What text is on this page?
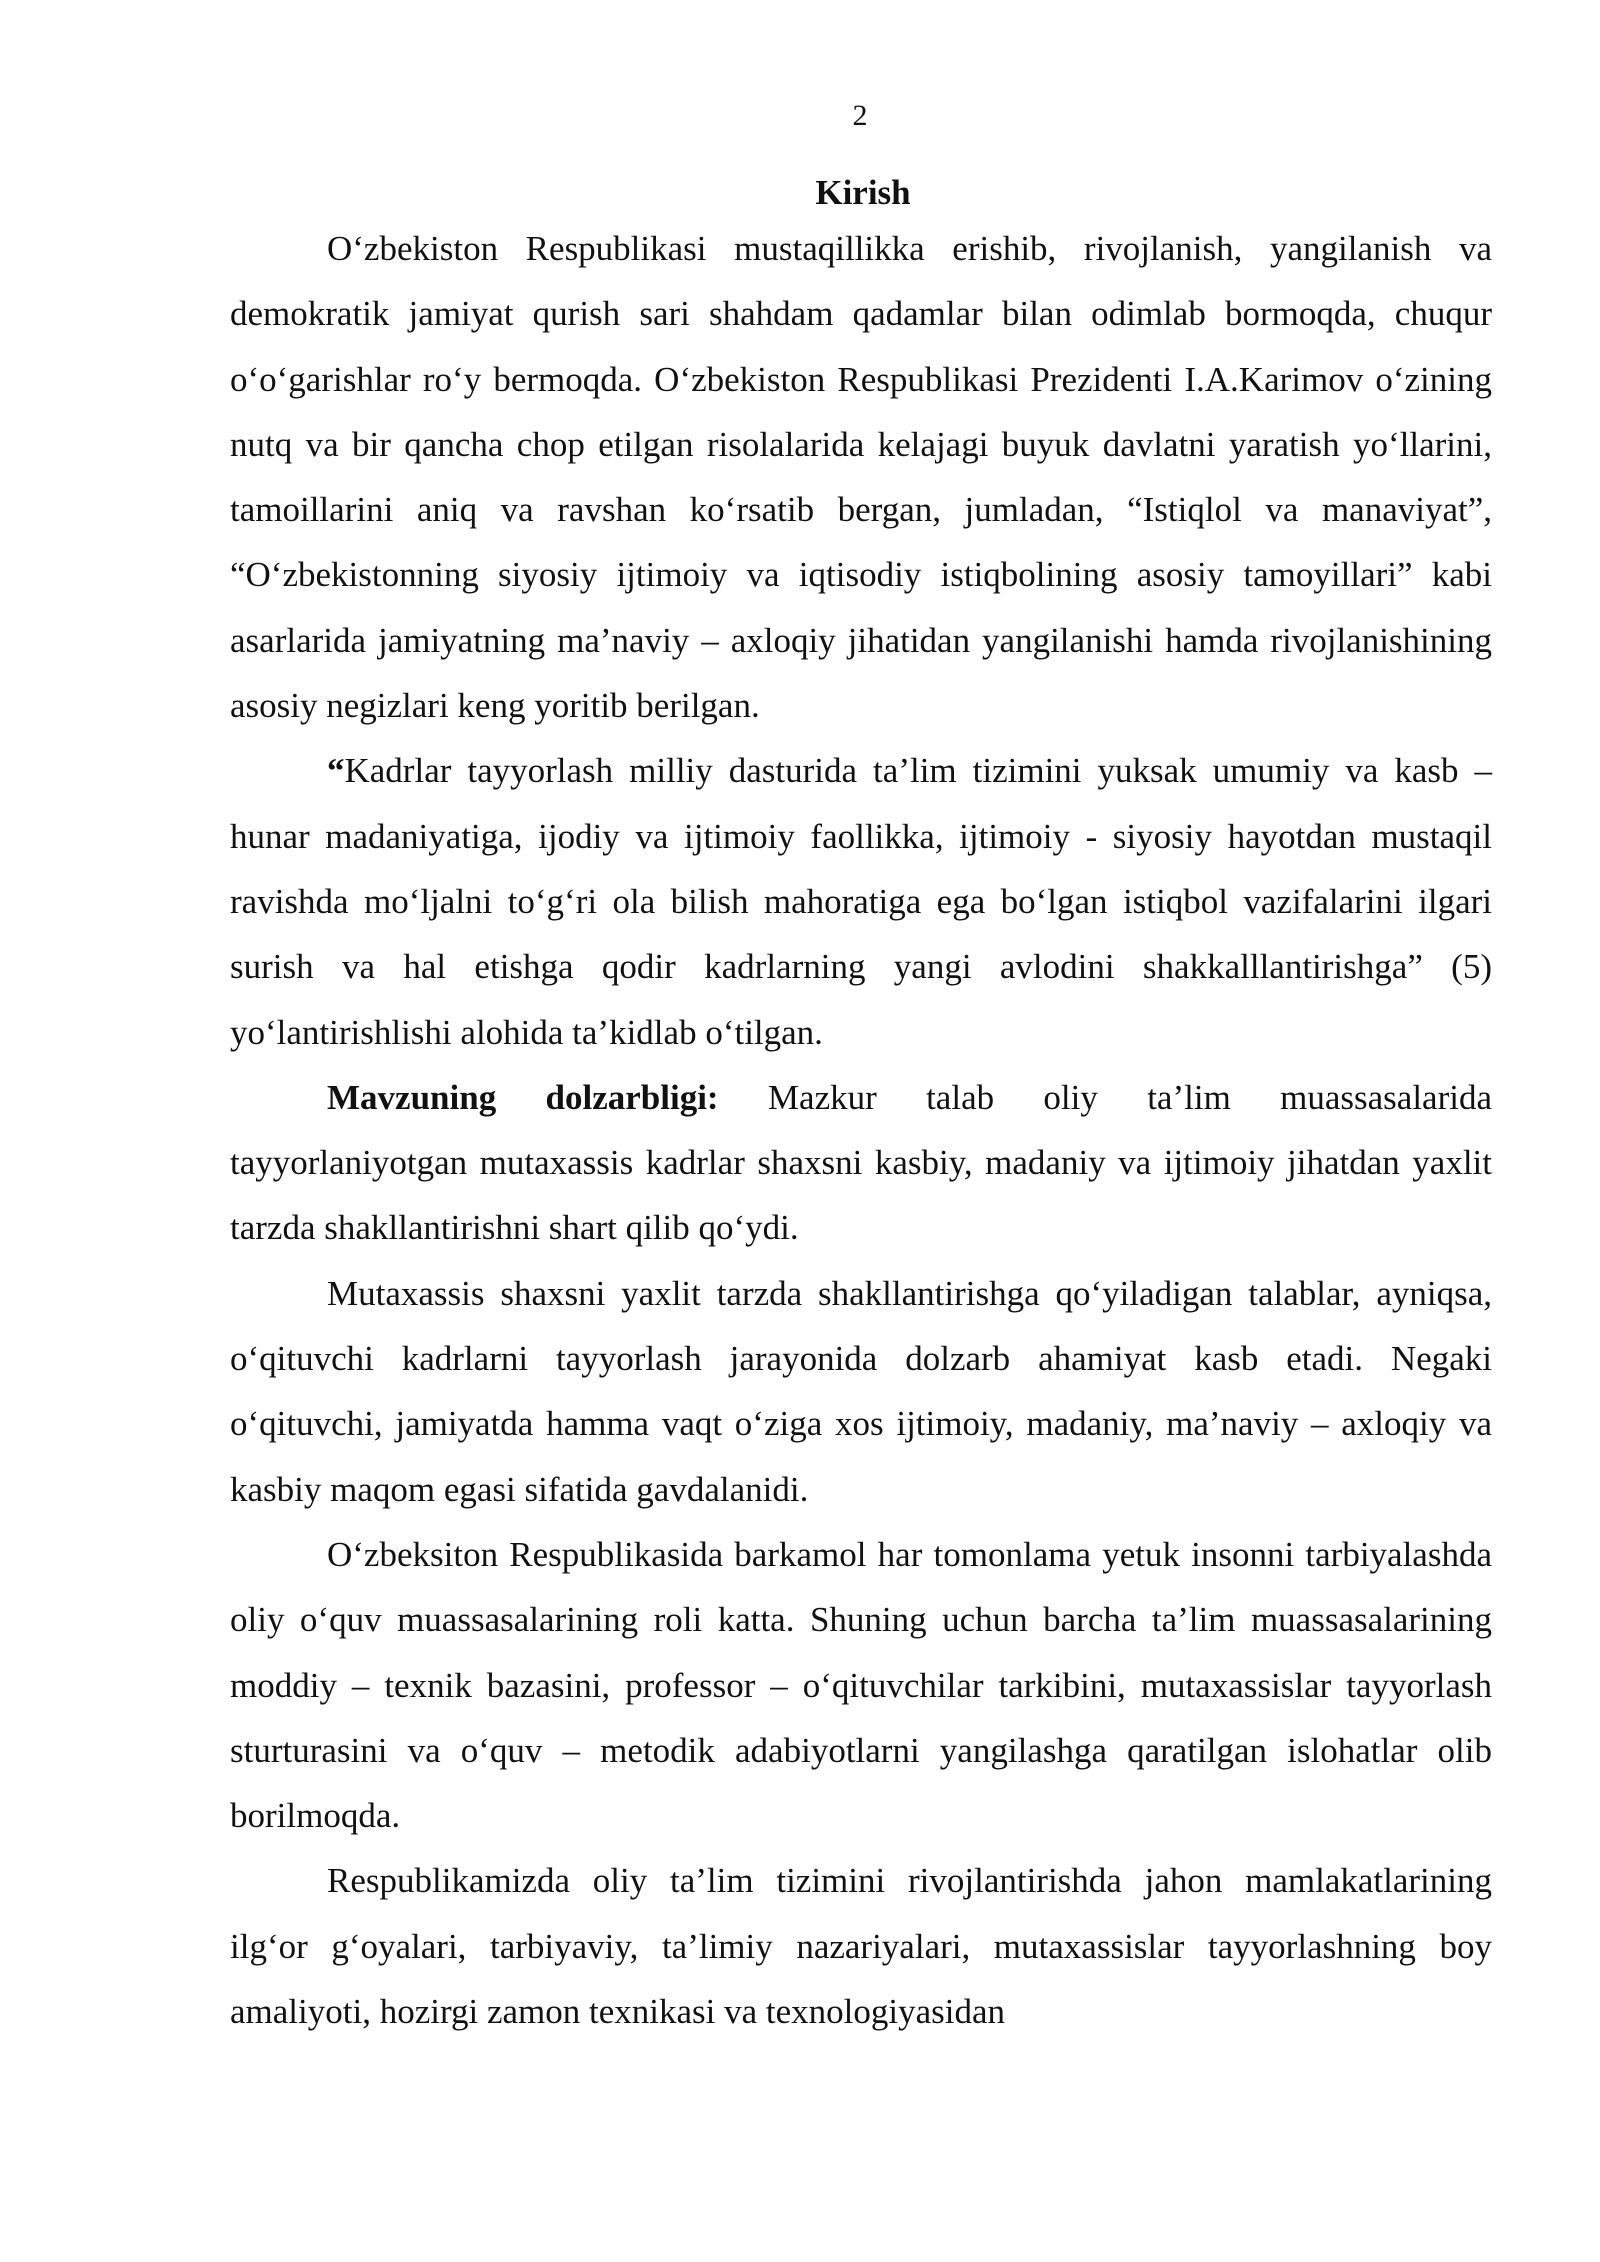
2
Kirish

O‘zbekiston Respublikasi mustaqillikka erishib, rivojlanish, yangilanish va demokratik jamiyat qurish sari shahdam qadamlar bilan odimlab bormoqda, chuqur o‘o‘garishlar ro‘y bermoqda. O‘zbekiston Respublikasi Prezidenti I.A.Karimov o‘zining nutq va bir qancha chop etilgan risolalarida kelajagi buyuk davlatni yaratish yo‘llarini, tamoillarini aniq va ravshan ko‘rsatib bergan, jumladan, “Istiqlol va manaviyat”, “O‘zbekistonning siyosiy ijtimoiy va iqtisodiy istiqbolining asosiy tamoyillari” kabi asarlarida jamiyatning ma’naviy – axloqiy jihatidan yangilanishi hamda rivojlanishining asosiy negizlari keng yoritib berilgan.

“Kadrlar tayyorlash milliy dasturida ta’lim tizimini yuksak umumiy va kasb – hunar madaniyatiga, ijodiy va ijtimoiy faollikka, ijtimoiy - siyosiy hayotdan mustaqil ravishda mo‘ljalni to‘g‘ri ola bilish mahoratiga ega bo‘lgan istiqbol vazifalarini ilgari surish va hal etishga qodir kadrlarning yangi avlodini shakkalllantirishga” (5) yo‘lantirishlishi alohida ta’kidlab o‘tilgan.

Mavzuning dolzarbligi: Mazkur talab oliy ta’lim muassasalarida tayyorlaniyotgan mutaxassis kadrlar shaxsni kasbiy, madaniy va ijtimoiy jihatdan yaxlit tarzda shakllantirishni shart qilib qo‘ydi.

Mutaxassis shaxsni yaxlit tarzda shakllantirishga qo‘yiladigan talablar, ayniqsa, o‘qituvchi kadrlarni tayyorlash jarayonida dolzarb ahamiyat kasb etadi. Negaki o‘qituvchi, jamiyatda hamma vaqt o‘ziga xos ijtimoiy, madaniy, ma’naviy – axloqiy va kasbiy maqom egasi sifatida gavdalanidi.

O‘zbeksiton Respublikasida barkamol har tomonlama yetuk insonni tarbiyalashda oliy o‘quv muassasalarining roli katta. Shuning uchun barcha ta’lim muassasalarining moddiy – texnik bazasini, professor – o‘qituvchilar tarkibini, mutaxassislar tayyorlash sturturasini va o‘quv – metodik adabiyotlarni yangilashga qaratilgan islohatlar olib borilmoqda.

Respublikamizda oliy ta’lim tizimini rivojlantirishda jahon mamlakatlarining ilg‘or g‘oyalari, tarbiyaviy, ta’limiy nazariyalari, mutaxassislar tayyorlashning boy amaliyoti, hozirgi zamon texnikasi va texnologiyasidan
